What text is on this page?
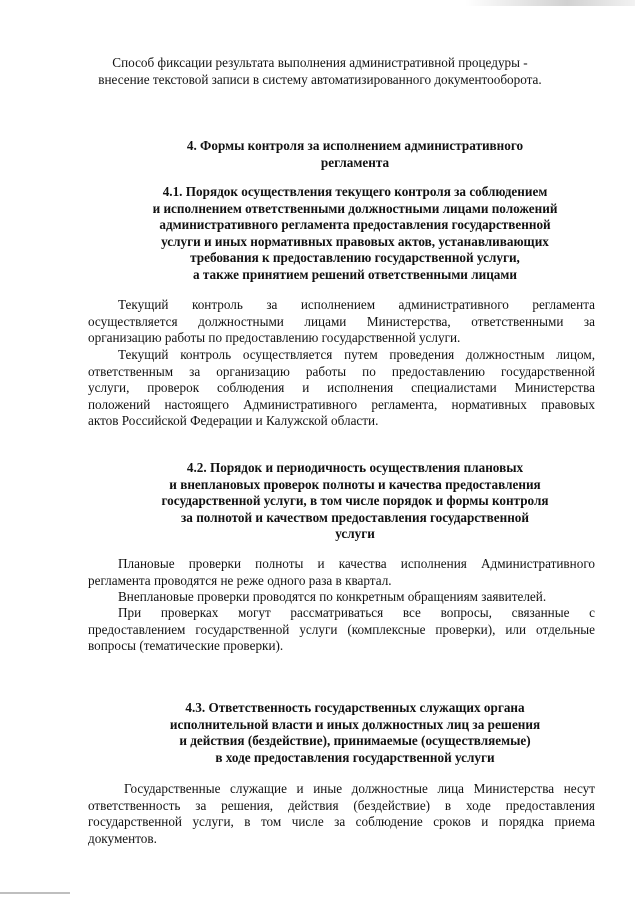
Способ фиксации результата выполнения административной процедуры -
внесение текстовой записи в систему автоматизированного документооборота.
4. Формы контроля за исполнением административного
регламента
4.1. Порядок осуществления текущего контроля за соблюдением
и исполнением ответственными должностными лицами положений
административного регламента предоставления государственной
услуги и иных нормативных правовых актов, устанавливающих
требования к предоставлению государственной услуги,
а также принятием решений ответственными лицами
Текущий контроль за исполнением административного регламента
осуществляется должностными лицами Министерства, ответственными за
организацию работы по предоставлению государственной услуги.
Текущий контроль осуществляется путем проведения должностным лицом,
ответственным за организацию работы по предоставлению государственной
услуги, проверок соблюдения и исполнения специалистами Министерства
положений настоящего Административного регламента, нормативных правовых
актов Российской Федерации и Калужской области.
4.2. Порядок и периодичность осуществления плановых
и внеплановых проверок полноты и качества предоставления
государственной услуги, в том числе порядок и формы контроля
за полнотой и качеством предоставления государственной
услуги
Плановые проверки полноты и качества исполнения Административного
регламента проводятся не реже одного раза в квартал.
Внеплановые проверки проводятся по конкретным обращениям заявителей.
При проверках могут рассматриваться все вопросы, связанные с
предоставлением государственной услуги (комплексные проверки), или отдельные
вопросы (тематические проверки).
4.3. Ответственность государственных служащих органа
исполнительной власти и иных должностных лиц за решения
и действия (бездействие), принимаемые (осуществляемые)
в ходе предоставления государственной услуги
Государственные служащие и иные должностные лица Министерства несут
ответственность за решения, действия (бездействие) в ходе предоставления
государственной услуги, в том числе за соблюдение сроков и порядка приема
документов.
